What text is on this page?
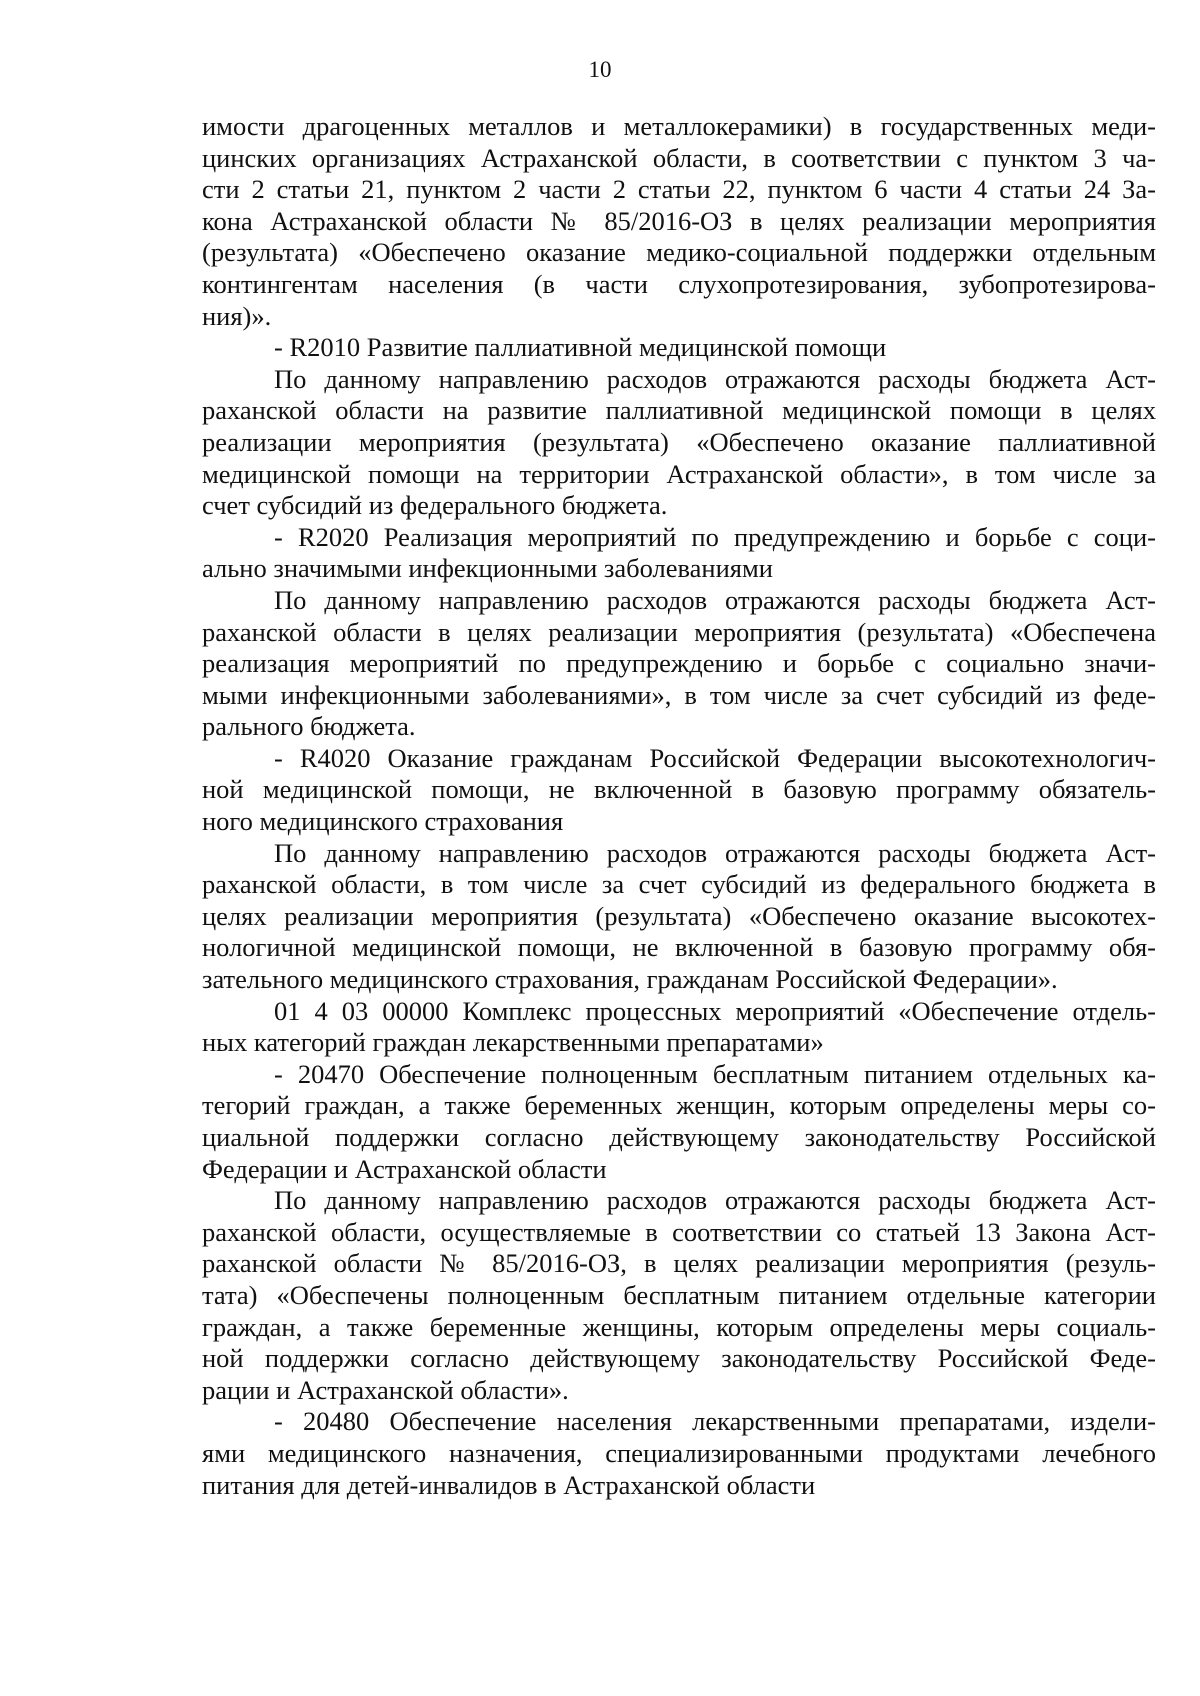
10

имости драгоценных металлов и металлокерамики) в государственных меди-

цинских организациях Астраханской области, в соответствии с пунктом 3 ча-

сти 2 статьи 21, пунктом 2 части 2 статьи 22, пунктом 6 части 4 статьи 24 За-

кона Астраханской области № 85/2016-ОЗ в целях реализации мероприятия

(результата) «Обеспечено оказание медико-социальной поддержки отдельным

контингентам населения (в части слухопротезирования, зубопротезирова-

ния)».

- R2010 Развитие паллиативной медицинской помощи

По данному направлению расходов отражаются расходы бюджета Аст-

раханской области на развитие паллиативной медицинской помощи в целях

реализации мероприятия (результата) «Обеспечено оказание паллиативной

медицинской помощи на территории Астраханской области», в том числе за

счет субсидий из федерального бюджета.

- R2020 Реализация мероприятий по предупреждению и борьбе с соци-

ально значимыми инфекционными заболеваниями

По данному направлению расходов отражаются расходы бюджета Аст-

раханской области в целях реализации мероприятия (результата) «Обеспечена

реализация мероприятий по предупреждению и борьбе с социально значи-

мыми инфекционными заболеваниями», в том числе за счет субсидий из феде-

рального бюджета.

- R4020 Оказание гражданам Российской Федерации высокотехнологич-

ной медицинской помощи, не включенной в базовую программу обязатель-

ного медицинского страхования

По данному направлению расходов отражаются расходы бюджета Аст-

раханской области, в том числе за счет субсидий из федерального бюджета в

целях реализации мероприятия (результата) «Обеспечено оказание высокотех-

нологичной медицинской помощи, не включенной в базовую программу обя-

зательного медицинского страхования, гражданам Российской Федерации».

01 4 03 00000 Комплекс процессных мероприятий «Обеспечение отдель-

ных категорий граждан лекарственными препаратами»

- 20470 Обеспечение полноценным бесплатным питанием отдельных ка-

тегорий граждан, а также беременных женщин, которым определены меры со-

циальной поддержки согласно действующему законодательству Российской

Федерации и Астраханской области

По данному направлению расходов отражаются расходы бюджета Аст-

раханской области, осуществляемые в соответствии со статьей 13 Закона Аст-

раханской области № 85/2016-ОЗ, в целях реализации мероприятия (резуль-

тата) «Обеспечены полноценным бесплатным питанием отдельные категории

граждан, а также беременные женщины, которым определены меры социаль-

ной поддержки согласно действующему законодательству Российской Феде-

рации и Астраханской области».

- 20480 Обеспечение населения лекарственными препаратами, издели-

ями медицинского назначения, специализированными продуктами лечебного

питания для детей-инвалидов в Астраханской области
